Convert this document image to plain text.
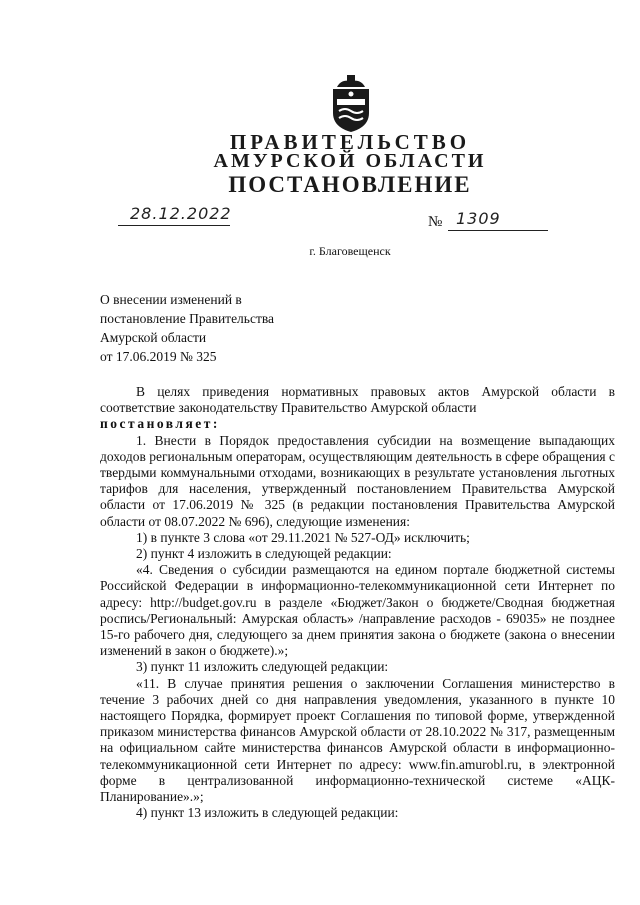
ПРАВИТЕЛЬСТВО
АМУРСКОЙ ОБЛАСТИ
ПОСТАНОВЛЕНИЕ
28.12.2022	№ 1309
г. Благовещенск
О внесении изменений в
постановление Правительства
Амурской области
от 17.06.2019 № 325
В целях приведения нормативных правовых актов Амурской области в соответствие законодательству Правительство Амурской области
постановляет:
1. Внести в Порядок предоставления субсидии на возмещение выпадающих доходов региональным операторам, осуществляющим деятельность в сфере обращения с твердыми коммунальными отходами, возникающих в результате установления льготных тарифов для населения, утвержденный постановлением Правительства Амурской области от 17.06.2019 № 325 (в редакции постановления Правительства Амурской области от 08.07.2022 № 696), следующие изменения:
1) в пункте 3 слова «от 29.11.2021 № 527-ОД» исключить;
2) пункт 4 изложить в следующей редакции:
«4. Сведения о субсидии размещаются на едином портале бюджетной системы Российской Федерации в информационно-телекоммуникационной сети Интернет по адресу: http://budget.gov.ru в разделе «Бюджет/Закон о бюджете/Сводная бюджетная роспись/Региональный: Амурская область» /направление расходов - 69035» не позднее 15-го рабочего дня, следующего за днем принятия закона о бюджете (закона о внесении изменений в закон о бюджете).»;
3) пункт 11 изложить следующей редакции:
«11. В случае принятия решения о заключении Соглашения министерство в течение 3 рабочих дней со дня направления уведомления, указанного в пункте 10 настоящего Порядка, формирует проект Соглашения по типовой форме, утвержденной приказом министерства финансов Амурской области от 28.10.2022 № 317, размещенным на официальном сайте министерства финансов Амурской области в информационно-телекоммуникационной сети Интернет по адресу: www.fin.amurobl.ru, в электронной форме в централизованной информационно-технической системе «АЦК-Планирование».»;
4) пункт 13 изложить в следующей редакции:
